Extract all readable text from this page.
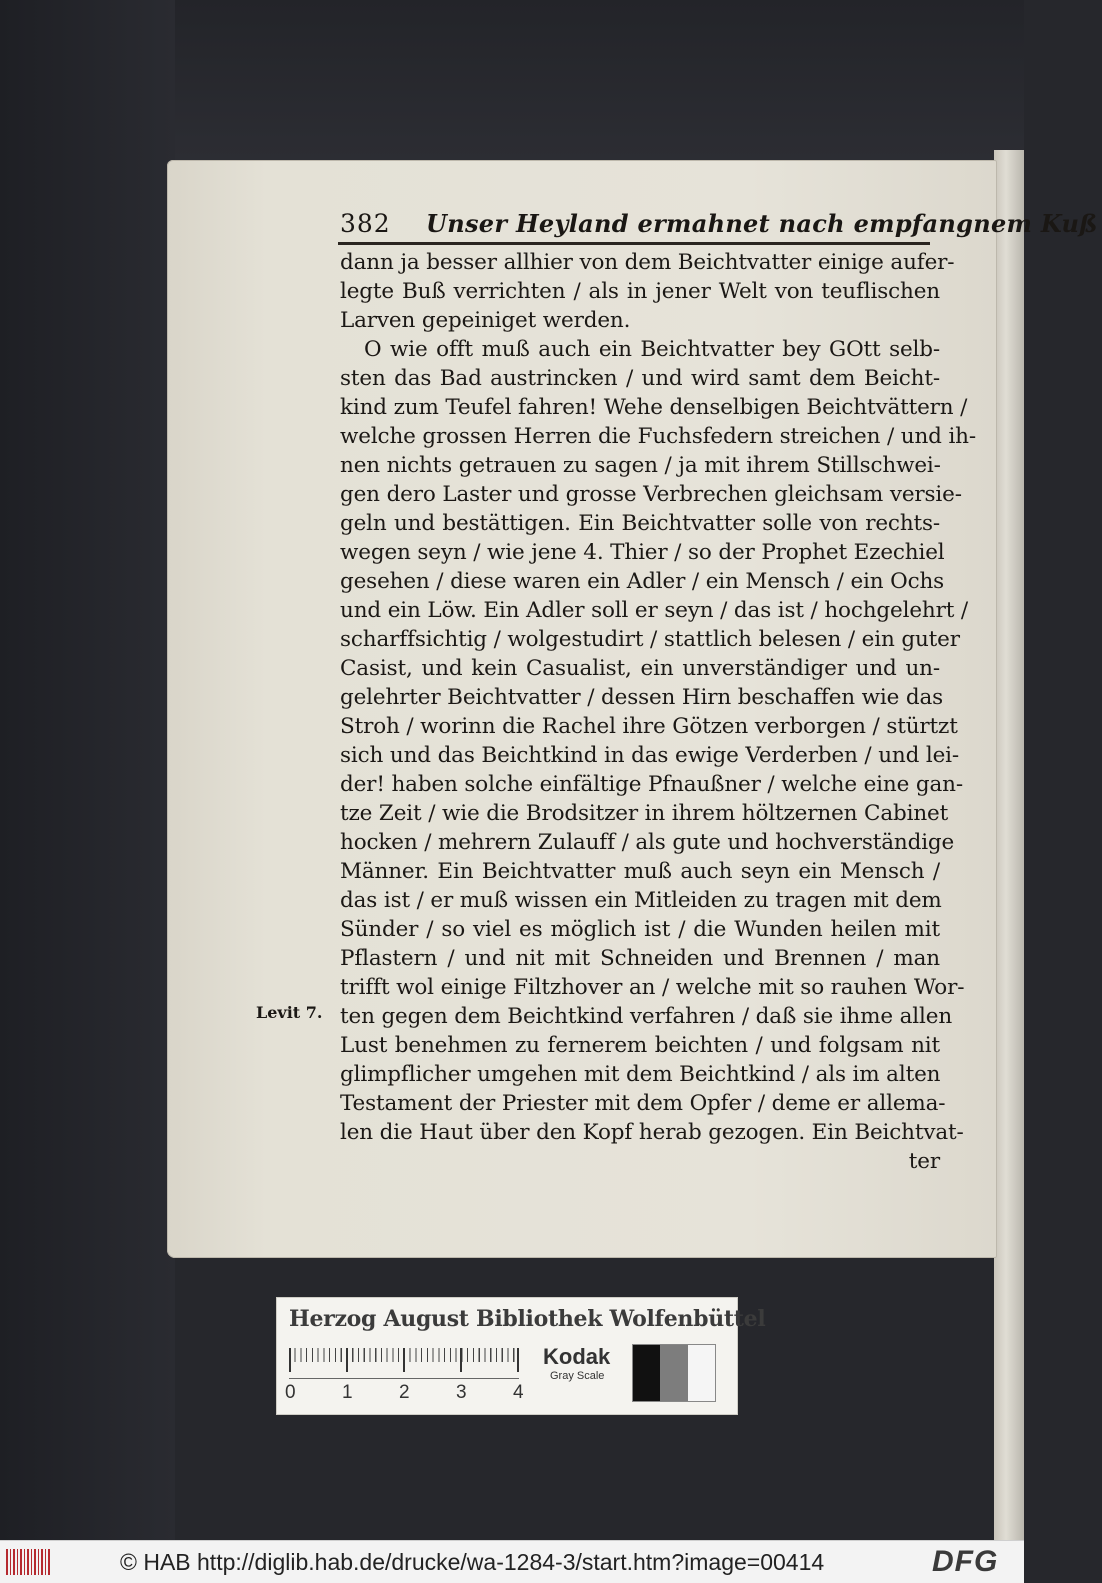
382 Unser Heyland ermahnet nach empfangnem Kuß
Levit 7.
dann ja besser allhier von dem Beichtvatter einige aufer-
legte Buß verrichten / als in jener Welt von teuflischen
Larven gepeiniget werden.
O wie offt muß auch ein Beichtvatter bey GOtt selb-
sten das Bad austrincken / und wird samt dem Beicht-
kind zum Teufel fahren! Wehe denselbigen Beichtvättern /
welche grossen Herren die Fuchsfedern streichen / und ih-
nen nichts getrauen zu sagen / ja mit ihrem Stillschwei-
gen dero Laster und grosse Verbrechen gleichsam versie-
geln und bestättigen. Ein Beichtvatter solle von rechts-
wegen seyn / wie jene 4. Thier / so der Prophet Ezechiel
gesehen / diese waren ein Adler / ein Mensch / ein Ochs
und ein Löw. Ein Adler soll er seyn / das ist / hochgelehrt /
scharffsichtig / wolgestudirt / stattlich belesen / ein guter
Casist, und kein Casualist, ein unverständiger und un-
gelehrter Beichtvatter / dessen Hirn beschaffen wie das
Stroh / worinn die Rachel ihre Götzen verborgen / stürtzt
sich und das Beichtkind in das ewige Verderben / und lei-
der! haben solche einfältige Pfnaußner / welche eine gan-
tze Zeit / wie die Brodsitzer in ihrem höltzernen Cabinet
hocken / mehrern Zulauff / als gute und hochverständige
Männer. Ein Beichtvatter muß auch seyn ein Mensch /
das ist / er muß wissen ein Mitleiden zu tragen mit dem
Sünder / so viel es möglich ist / die Wunden heilen mit
Pflastern / und nit mit Schneiden und Brennen / man
trifft wol einige Filtzhover an / welche mit so rauhen Wor-
ten gegen dem Beichtkind verfahren / daß sie ihme allen
Lust benehmen zu fernerem beichten / und folgsam nit
glimpflicher umgehen mit dem Beichtkind / als im alten
Testament der Priester mit dem Opfer / deme er allema-
len die Haut über den Kopf herab gezogen. Ein Beichtvat-
ter
Herzog August Bibliothek Wolfenbüttel
0 1 2 3 4
Kodak
Gray Scale
© HAB http://diglib.hab.de/drucke/wa-1284-3/start.htm?image=00414	DFG
